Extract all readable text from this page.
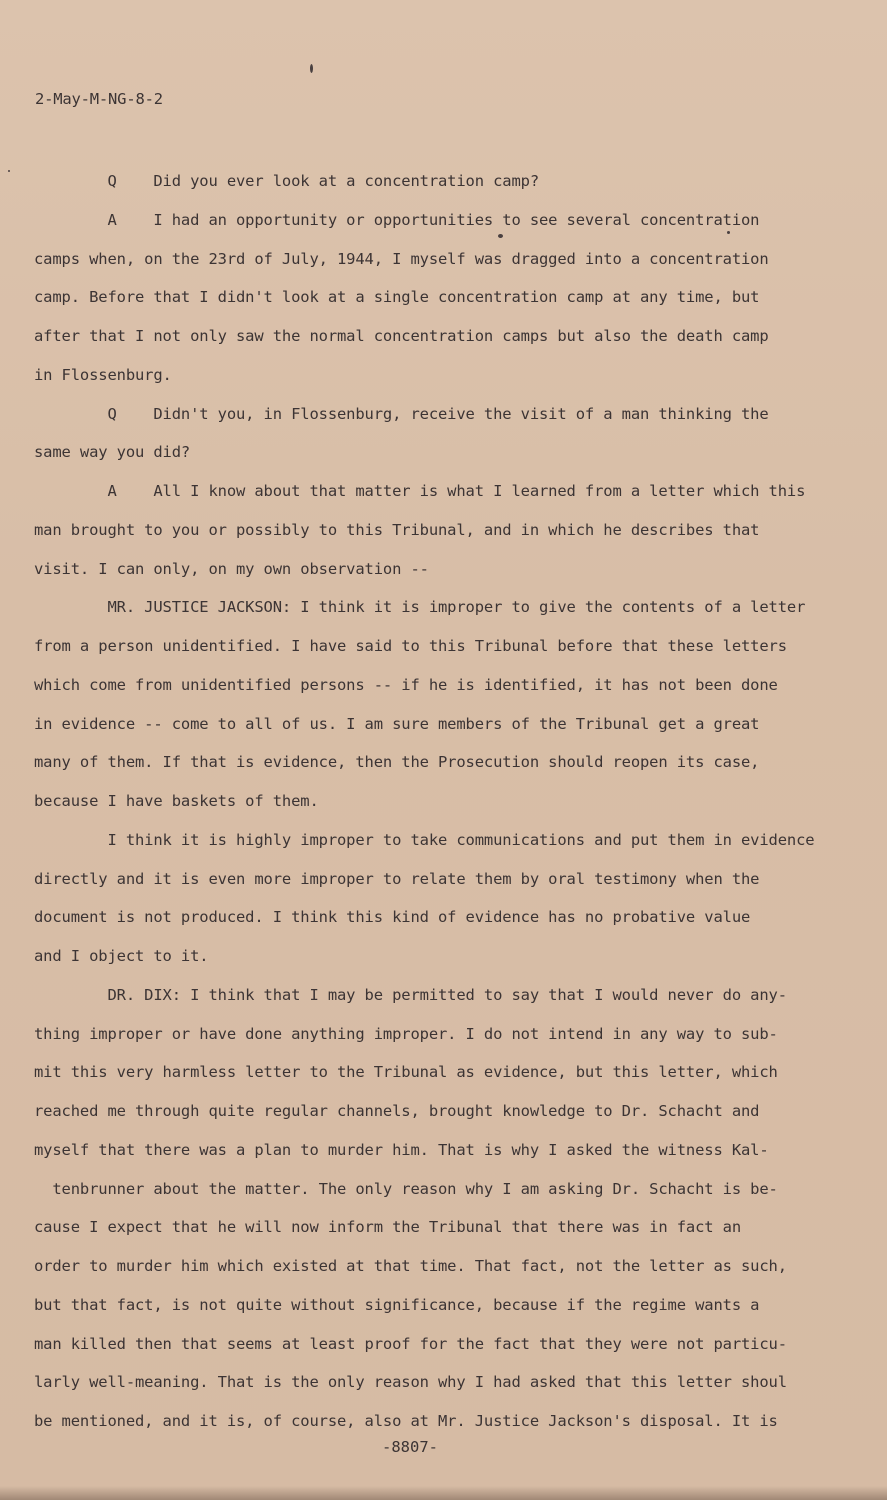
2-May-M-NG-8-2
Q    Did you ever look at a concentration camp?
A    I had an opportunity or opportunities to see several concentration
camps when, on the 23rd of July, 1944, I myself was dragged into a concentration
camp. Before that I didn't look at a single concentration camp at any time, but
after that I not only saw the normal concentration camps but also the death camp
in Flossenburg.
Q    Didn't you, in Flossenburg, receive the visit of a man thinking the
same way you did?
A    All I know about that matter is what I learned from a letter which this
man brought to you or possibly to this Tribunal, and in which he describes that
visit. I can only, on my own observation --
MR. JUSTICE JACKSON: I think it is improper to give the contents of a letter
from a person unidentified. I have said to this Tribunal before that these letters
which come from unidentified persons -- if he is identified, it has not been done
in evidence -- come to all of us. I am sure members of the Tribunal get a great
many of them. If that is evidence, then the Prosecution should reopen its case,
because I have baskets of them.
I think it is highly improper to take communications and put them in evidence
directly and it is even more improper to relate them by oral testimony when the
document is not produced. I think this kind of evidence has no probative value
and I object to it.
DR. DIX: I think that I may be permitted to say that I would never do any-
thing improper or have done anything improper. I do not intend in any way to sub-
mit this very harmless letter to the Tribunal as evidence, but this letter, which
reached me through quite regular channels, brought knowledge to Dr. Schacht and
myself that there was a plan to murder him. That is why I asked the witness Kal-
tenbrunner about the matter. The only reason why I am asking Dr. Schacht is be-
cause I expect that he will now inform the Tribunal that there was in fact an
order to murder him which existed at that time. That fact, not the letter as such,
but that fact, is not quite without significance, because if the regime wants a
man killed then that seems at least proof for the fact that they were not particu-
larly well-meaning. That is the only reason why I had asked that this letter shoul
be mentioned, and it is, of course, also at Mr. Justice Jackson's disposal. It is
-8807-
